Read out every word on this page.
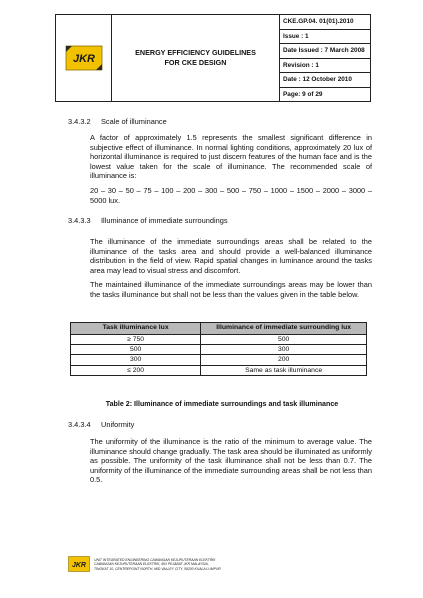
JKR
ENERGY EFFICIENCY GUIDELINES
FOR CKE DESIGN
CKE.GP.04. 01(01).2010
Issue : 1
Date Issued : 7 March 2008
Revision : 1
Date : 12 October 2010
Page: 9 of 29
3.4.3.2 Scale of illuminance
A factor of approximately 1.5 represents the smallest significant difference in subjective effect of illuminance. In normal lighting conditions, approximately 20 lux of horizontal illuminance is required to just discern features of the human face and is the lowest value taken for the scale of illuminance. The recommended scale of illuminance is:
20 – 30 – 50 – 75 – 100 – 200 – 300 – 500 – 750 – 1000 – 1500 – 2000 – 3000 – 5000 lux.
3.4.3.3 Illuminance of immediate surroundings
The illuminance of the immediate surroundings areas shall be related to the illuminance of the tasks area and should provide a well-balanced illuminance distribution in the field of view. Rapid spatial changes in luminance around the tasks area may lead to visual stress and discomfort.
The maintained illuminance of the immediate surroundings areas may be lower than the tasks illuminance but shall not be less than the values given in the table below.
Task illuminance lux	Illuminance of immediate surrounding lux
≥ 750	500
500	300
300	200
≤ 200	Same as task illuminance
Table 2: Illuminance of immediate surroundings and task illuminance
3.4.3.4 Uniformity
The uniformity of the illuminance is the ratio of the minimum to average value. The illuminance should change gradually. The task area should be illuminated as uniformly as possible. The uniformity of the task illuminance shall not be less than 0.7. The uniformity of the illuminance of the immediate surrounding areas shall be not less than 0.5.
JKR
UNIT INTEGRATED ENGINEERING CAWANGAN KEJURUTERAAN ELEKTRIK
CAWANGAN KEJURUTERAAN ELEKTRIK, IBU PEJABAT JKR MALAYSIA,
TINGKAT 10, CENTREPOINT NORTH, MID VALLEY CITY, 59200 KUALA LUMPUR
